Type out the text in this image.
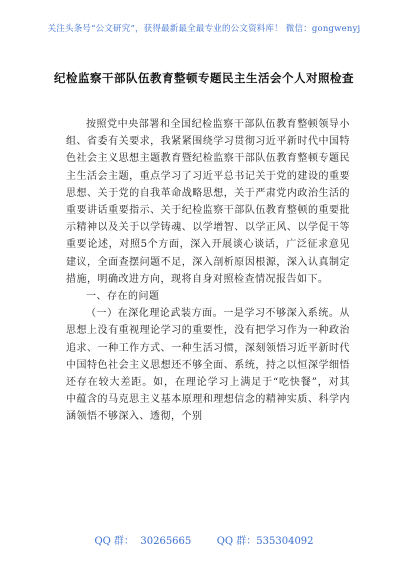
关注头条号“公文研究”，获得最新最全最专业的公文资料库！ 微信：gongwenyj
纪检监察干部队伍教育整顿专题民主生活会个人对照检查

按照党中央部署和全国纪检监察干部队伍教育整顿领导小组、省委有关要求，我紧紧围绕学习贯彻习近平新时代中国特色社会主义思想主题教育暨纪检监察干部队伍教育整顿专题民主生活会主题，重点学习了习近平总书记关于党的建设的重要思想、关于党的自我革命战略思想，关于严肃党内政治生活的重要讲话重要指示、关于纪检监察干部队伍教育整顿的重要批示精神以及关于以学铸魂、以学增智、以学正风、以学促干等重要论述，对照5个方面，深入开展谈心谈话，广泛征求意见建议，全面查摆问题不足，深入剖析原因根源，深入认真制定措施，明确改进方向，现将自身对照检查情况报告如下。

一、存在的问题

（一）在深化理论武装方面。一是学习不够深入系统。从思想上没有重视理论学习的重要性，没有把学习作为一种政治追求、一种工作方式、一种生活习惯，深刻领悟习近平新时代中国特色社会主义思想还不够全面、系统，持之以恒深学细悟还存在较大差距。如，在理论学习上满足于“吃快餐”，对其中蕴含的马克思主义基本原理和理想信念的精神实质、科学内涵领悟不够深入、透彻，个别

QQ 群：  30265665        QQ 群：535304092
